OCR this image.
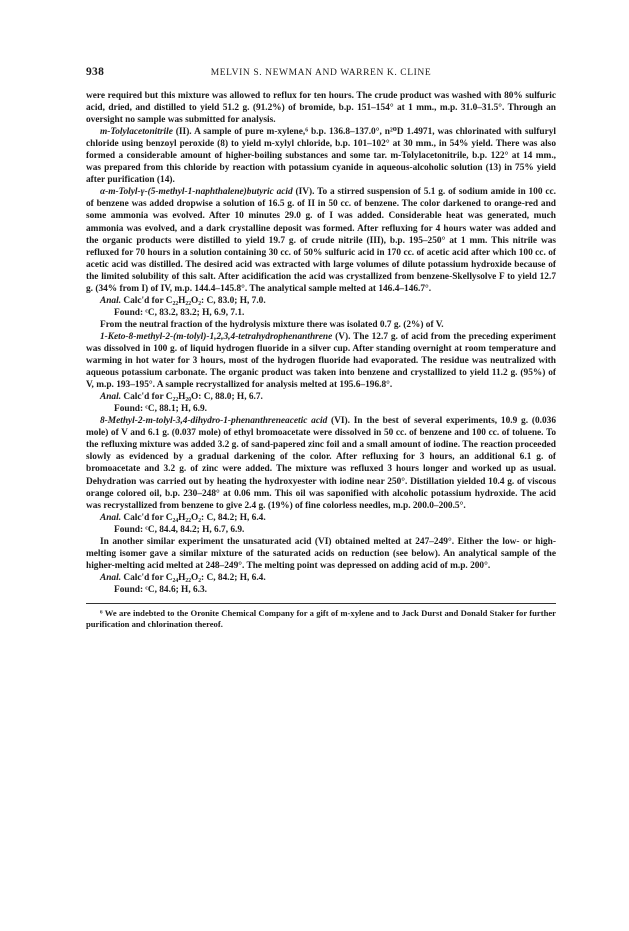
938	MELVIN S. NEWMAN AND WARREN K. CLINE

were required but this mixture was allowed to reflux for ten hours. The crude product was washed with 80% sulfuric acid, dried, and distilled to yield 51.2 g. (91.2%) of bromide, b.p. 151–154° at 1 mm., m.p. 31.0–31.5°. Through an oversight no sample was submitted for analysis.

m-Tolylacetonitrile (II). A sample of pure m-xylene,⁶ b.p. 136.8–137.0°, n²⁰D 1.4971, was chlorinated with sulfuryl chloride using benzoyl peroxide (8) to yield m-xylyl chloride, b.p. 101–102° at 30 mm., in 54% yield. There was also formed a considerable amount of higher-boiling substances and some tar. m-Tolylacetonitrile, b.p. 122° at 14 mm., was prepared from this chloride by reaction with potassium cyanide in aqueous-alcoholic solution (13) in 75% yield after purification (14).

α-m-Tolyl-γ-(5-methyl-1-naphthalene)butyric acid (IV). To a stirred suspension of 5.1 g. of sodium amide in 100 cc. of benzene was added dropwise a solution of 16.5 g. of II in 50 cc. of benzene. The color darkened to orange-red and some ammonia was evolved. After 10 minutes 29.0 g. of I was added. Considerable heat was generated, much ammonia was evolved, and a dark crystalline deposit was formed. After refluxing for 4 hours water was added and the organic products were distilled to yield 19.7 g. of crude nitrile (III), b.p. 195–250° at 1 mm. This nitrile was refluxed for 70 hours in a solution containing 30 cc. of 50% sulfuric acid in 170 cc. of acetic acid after which 100 cc. of acetic acid was distilled. The desired acid was extracted with large volumes of dilute potassium hydroxide because of the limited solubility of this salt. After acidification the acid was crystallized from benzene-Skellysolve F to yield 12.7 g. (34% from I) of IV, m.p. 144.4–145.8°. The analytical sample melted at 146.4–146.7°.

Anal. Calc'd for C₂₂H₂₂O₂: C, 83.0; H, 7.0.

Found: ᶜC, 83.2, 83.2; H, 6.9, 7.1.

From the neutral fraction of the hydrolysis mixture there was isolated 0.7 g. (2%) of V.

1-Keto-8-methyl-2-(m-tolyl)-1,2,3,4-tetrahydrophenanthrene (V). The 12.7 g. of acid from the preceding experiment was dissolved in 100 g. of liquid hydrogen fluoride in a silver cup. After standing overnight at room temperature and warming in hot water for 3 hours, most of the hydrogen fluoride had evaporated. The residue was neutralized with aqueous potassium carbonate. The organic product was taken into benzene and crystallized to yield 11.2 g. (95%) of V, m.p. 193–195°. A sample recrystallized for analysis melted at 195.6–196.8°.

Anal. Calc'd for C₂₂H₂₀O: C, 88.0; H, 6.7.

Found: ᶜC, 88.1; H, 6.9.

8-Methyl-2-m-tolyl-3,4-dihydro-1-phenanthreneacetic acid (VI). In the best of several experiments, 10.9 g. (0.036 mole) of V and 6.1 g. (0.037 mole) of ethyl bromoacetate were dissolved in 50 cc. of benzene and 100 cc. of toluene. To the refluxing mixture was added 3.2 g. of sand-papered zinc foil and a small amount of iodine. The reaction proceeded slowly as evidenced by a gradual darkening of the color. After refluxing for 3 hours, an additional 6.1 g. of bromoacetate and 3.2 g. of zinc were added. The mixture was refluxed 3 hours longer and worked up as usual. Dehydration was carried out by heating the hydroxyester with iodine near 250°. Distillation yielded 10.4 g. of viscous orange colored oil, b.p. 230–248° at 0.06 mm. This oil was saponified with alcoholic potassium hydroxide. The acid was recrystallized from benzene to give 2.4 g. (19%) of fine colorless needles, m.p. 200.0–200.5°.

Anal. Calc'd for C₂₄H₂₂O₂: C, 84.2; H, 6.4.

Found: ᶜC, 84.4, 84.2; H, 6.7, 6.9.

In another similar experiment the unsaturated acid (VI) obtained melted at 247–249°. Either the low- or high-melting isomer gave a similar mixture of the saturated acids on reduction (see below). An analytical sample of the higher-melting acid melted at 248–249°. The melting point was depressed on adding acid of m.p. 200°.

Anal. Calc'd for C₂₄H₂₂O₂: C, 84.2; H, 6.4.

Found: ᶜC, 84.6; H, 6.3.

⁶ We are indebted to the Oronite Chemical Company for a gift of m-xylene and to Jack Durst and Donald Staker for further purification and chlorination thereof.
